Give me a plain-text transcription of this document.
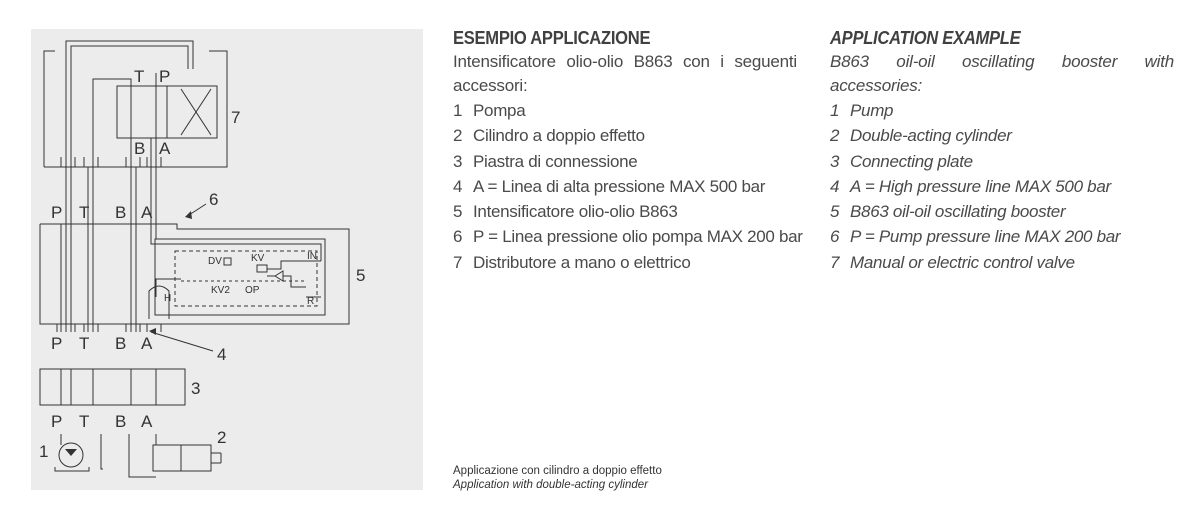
T P
B A
P T B A
P T B A
P T B A
7
6
5
4
3
2
1
DV	KV	IN
KV2 OP
R
H
ESEMPIO APPLICAZIONE

Intensificatore olio-olio B863 con i seguenti accessori:

1 Pompa
2 Cilindro a doppio effetto
3 Piastra di connessione
4 A = Linea di alta pressione MAX 500 bar
5 Intensificatore olio-olio B863
6 P = Linea pressione olio pompa MAX 200 bar
7 Distributore a mano o elettrico
APPLICATION EXAMPLE

B863 oil-oil oscillating booster with accessories:

1 Pump
2 Double-acting cylinder
3 Connecting plate
4 A = High pressure line MAX 500 bar
5 B863 oil-oil oscillating booster
6 P = Pump pressure line MAX 200 bar
7 Manual or electric control valve
Applicazione con cilindro a doppio effetto
Application with double-acting cylinder
